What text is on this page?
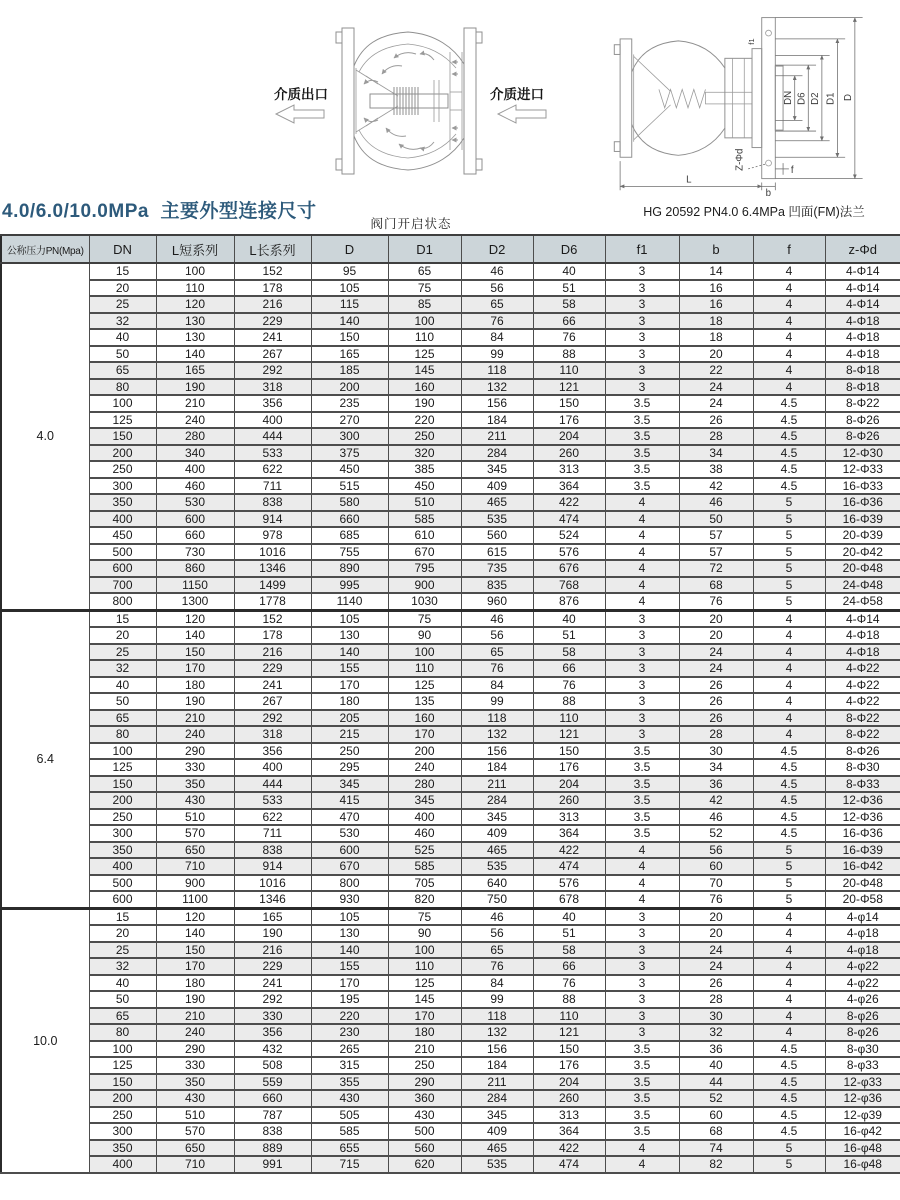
介质出口	介质进口
阀门开启状态
DN D6 D2 D1 D
f1
L
b
f
Z-Φd
HG 20592 PN4.0 6.4MPa 凹面(FM)法兰
4.0/6.0/10.0MPa  主要外型连接尺寸
公称压力PN(Mpa)	DN	L短系列	L长系列	D	D1	D2	D6	f1	b	f	z-Φd
4.0	15	100	152	95	65	46	40	3	14	4	4-Φ14
	20	110	178	105	75	56	51	3	16	4	4-Φ14
	25	120	216	115	85	65	58	3	16	4	4-Φ14
	32	130	229	140	100	76	66	3	18	4	4-Φ18
	40	130	241	150	110	84	76	3	18	4	4-Φ18
	50	140	267	165	125	99	88	3	20	4	4-Φ18
	65	165	292	185	145	118	110	3	22	4	8-Φ18
	80	190	318	200	160	132	121	3	24	4	8-Φ18
	100	210	356	235	190	156	150	3.5	24	4.5	8-Φ22
	125	240	400	270	220	184	176	3.5	26	4.5	8-Φ26
	150	280	444	300	250	211	204	3.5	28	4.5	8-Φ26
	200	340	533	375	320	284	260	3.5	34	4.5	12-Φ30
	250	400	622	450	385	345	313	3.5	38	4.5	12-Φ33
	300	460	711	515	450	409	364	3.5	42	4.5	16-Φ33
	350	530	838	580	510	465	422	4	46	5	16-Φ36
	400	600	914	660	585	535	474	4	50	5	16-Φ39
	450	660	978	685	610	560	524	4	57	5	20-Φ39
	500	730	1016	755	670	615	576	4	57	5	20-Φ42
	600	860	1346	890	795	735	676	4	72	5	20-Φ48
	700	1150	1499	995	900	835	768	4	68	5	24-Φ48
	800	1300	1778	1140	1030	960	876	4	76	5	24-Φ58
6.4	15	120	152	105	75	46	40	3	20	4	4-Φ14
	20	140	178	130	90	56	51	3	20	4	4-Φ18
	25	150	216	140	100	65	58	3	24	4	4-Φ18
	32	170	229	155	110	76	66	3	24	4	4-Φ22
	40	180	241	170	125	84	76	3	26	4	4-Φ22
	50	190	267	180	135	99	88	3	26	4	4-Φ22
	65	210	292	205	160	118	110	3	26	4	8-Φ22
	80	240	318	215	170	132	121	3	28	4	8-Φ22
	100	290	356	250	200	156	150	3.5	30	4.5	8-Φ26
	125	330	400	295	240	184	176	3.5	34	4.5	8-Φ30
	150	350	444	345	280	211	204	3.5	36	4.5	8-Φ33
	200	430	533	415	345	284	260	3.5	42	4.5	12-Φ36
	250	510	622	470	400	345	313	3.5	46	4.5	12-Φ36
	300	570	711	530	460	409	364	3.5	52	4.5	16-Φ36
	350	650	838	600	525	465	422	4	56	5	16-Φ39
	400	710	914	670	585	535	474	4	60	5	16-Φ42
	500	900	1016	800	705	640	576	4	70	5	20-Φ48
	600	1100	1346	930	820	750	678	4	76	5	20-Φ58
10.0	15	120	165	105	75	46	40	3	20	4	4-φ14
	20	140	190	130	90	56	51	3	20	4	4-φ18
	25	150	216	140	100	65	58	3	24	4	4-φ18
	32	170	229	155	110	76	66	3	24	4	4-φ22
	40	180	241	170	125	84	76	3	26	4	4-φ22
	50	190	292	195	145	99	88	3	28	4	4-φ26
	65	210	330	220	170	118	110	3	30	4	8-φ26
	80	240	356	230	180	132	121	3	32	4	8-φ26
	100	290	432	265	210	156	150	3.5	36	4.5	8-φ30
	125	330	508	315	250	184	176	3.5	40	4.5	8-φ33
	150	350	559	355	290	211	204	3.5	44	4.5	12-φ33
	200	430	660	430	360	284	260	3.5	52	4.5	12-φ36
	250	510	787	505	430	345	313	3.5	60	4.5	12-φ39
	300	570	838	585	500	409	364	3.5	68	4.5	16-φ42
	350	650	889	655	560	465	422	4	74	5	16-φ48
	400	710	991	715	620	535	474	4	82	5	16-φ48
